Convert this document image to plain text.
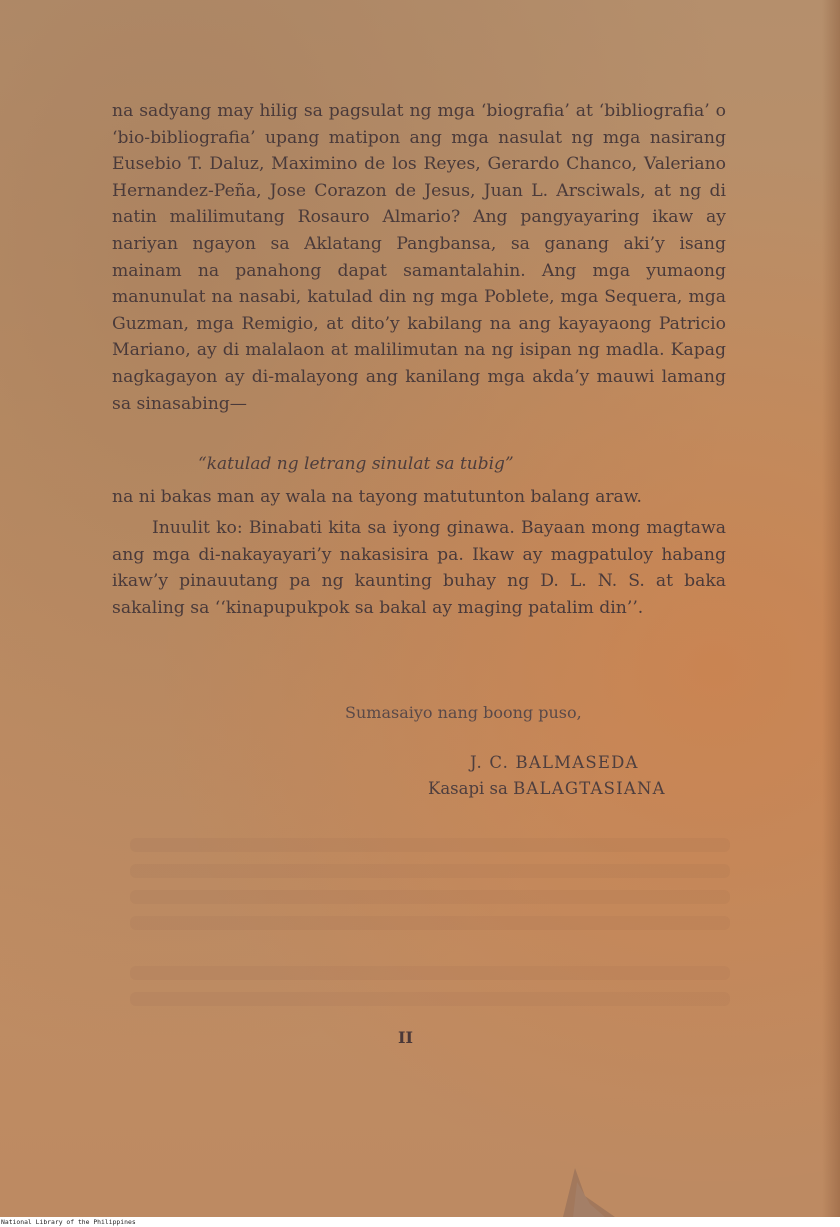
na sadyang may hilig sa pagsulat ng mga ‘biografia’ at ‘bibliografia’ o ‘bio-bibliografia’ upang matipon ang mga nasulat ng mga nasirang Eusebio T. Daluz, Maximino de los Reyes, Gerardo Chanco, Valeriano Hernandez-Peña, Jose Corazon de Jesus, Juan L. Arsciwals, at ng di natin malilimutang Rosauro Almario? Ang pangyayaring ikaw ay nariyan ngayon sa Aklatang Pangbansa, sa ganang aki’y isang mainam na panahong dapat samantalahin. Ang mga yumaong manunulat na nasabi, katulad din ng mga Poblete, mga Sequera, mga Guzman, mga Remigio, at dito’y kabilang na ang kayayaong Patricio Mariano, ay di malalaon at malilimutan na ng isipan ng madla. Kapag nagkagayon ay di-malayong ang kanilang mga akda’y mauwi lamang sa sinasabing—

“katulad ng letrang sinulat sa tubig”

na ni bakas man ay wala na tayong matutunton balang araw.

Inuulit ko: Binabati kita sa iyong ginawa. Bayaan mong magtawa ang mga di-nakayayari’y nakasisira pa. Ikaw ay magpatuloy habang ikaw’y pinauutang pa ng kaunting buhay ng D. L. N. S. at baka sakaling sa ‘‘kinapupukpok sa bakal ay maging patalim din’’.

Sumasaiyo nang boong puso,

J. C. BALMASEDA

Kasapi sa BALAGTASIANA

II

National Library of the Philippines
